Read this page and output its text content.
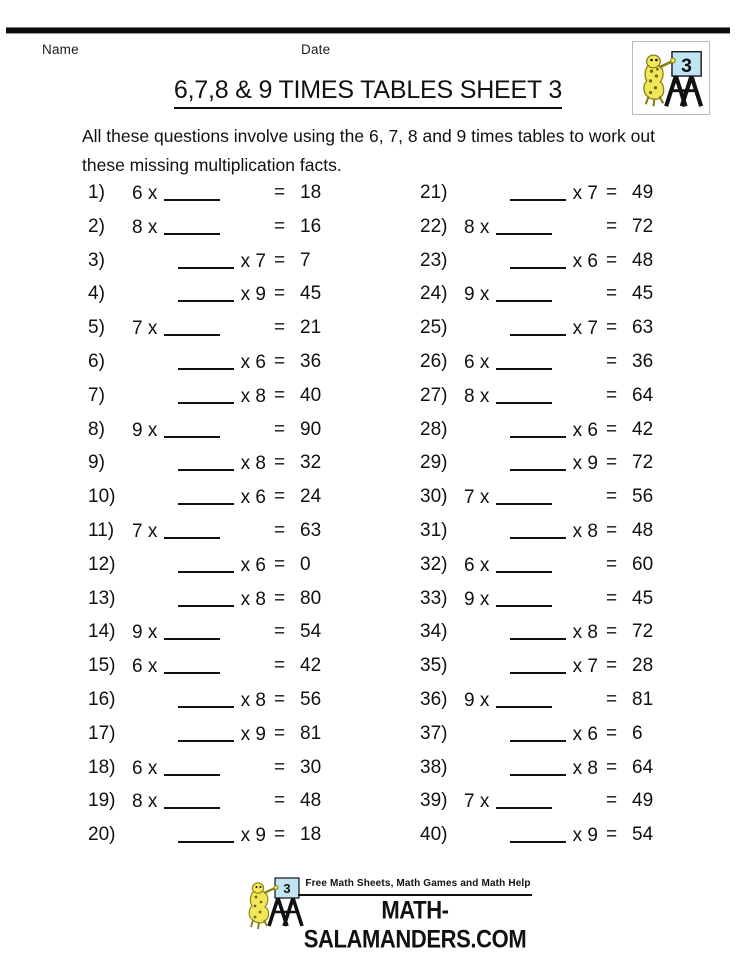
Name	Date
3
6,7,8 & 9 TIMES TABLES SHEET 3
All these questions involve using the 6, 7, 8 and 9 times tables to work out these missing multiplication facts.
1)	6 x	= 18
2)	8 x	= 16
3)	x 7 = 7
4)	x 9 = 45
5)	7 x	= 21
6)	x 6 = 36
7)	x 8 = 40
8)	9 x	= 90
9)	x 8 = 32
10)	x 6 = 24
11) 7 x	= 63
12)	x 6 = 0
13)	x 8 = 80
14) 9 x	= 54
15) 6 x	= 42
16)	x 8 = 56
17)	x 9 = 81
18) 6 x	= 30
19) 8 x	= 48
20)	x 9 = 18
21)	x 7 = 49
22) 8 x	= 72
23)	x 6 = 48
24) 9 x	= 45
25)	x 7 = 63
26) 6 x	= 36
27) 8 x	= 64
28)	x 6 = 42
29)	x 9 = 72
30) 7 x	= 56
31)	x 8 = 48
32) 6 x	= 60
33) 9 x	= 45
34)	x 8 = 72
35)	x 7 = 28
36) 9 x	= 81
37)	x 6 = 6
38)	x 8 = 64
39) 7 x	= 49
40)	x 9 = 54
3 Free Math Sheets, Math Games and Math Help
MATH-SALAMANDERS.COM
